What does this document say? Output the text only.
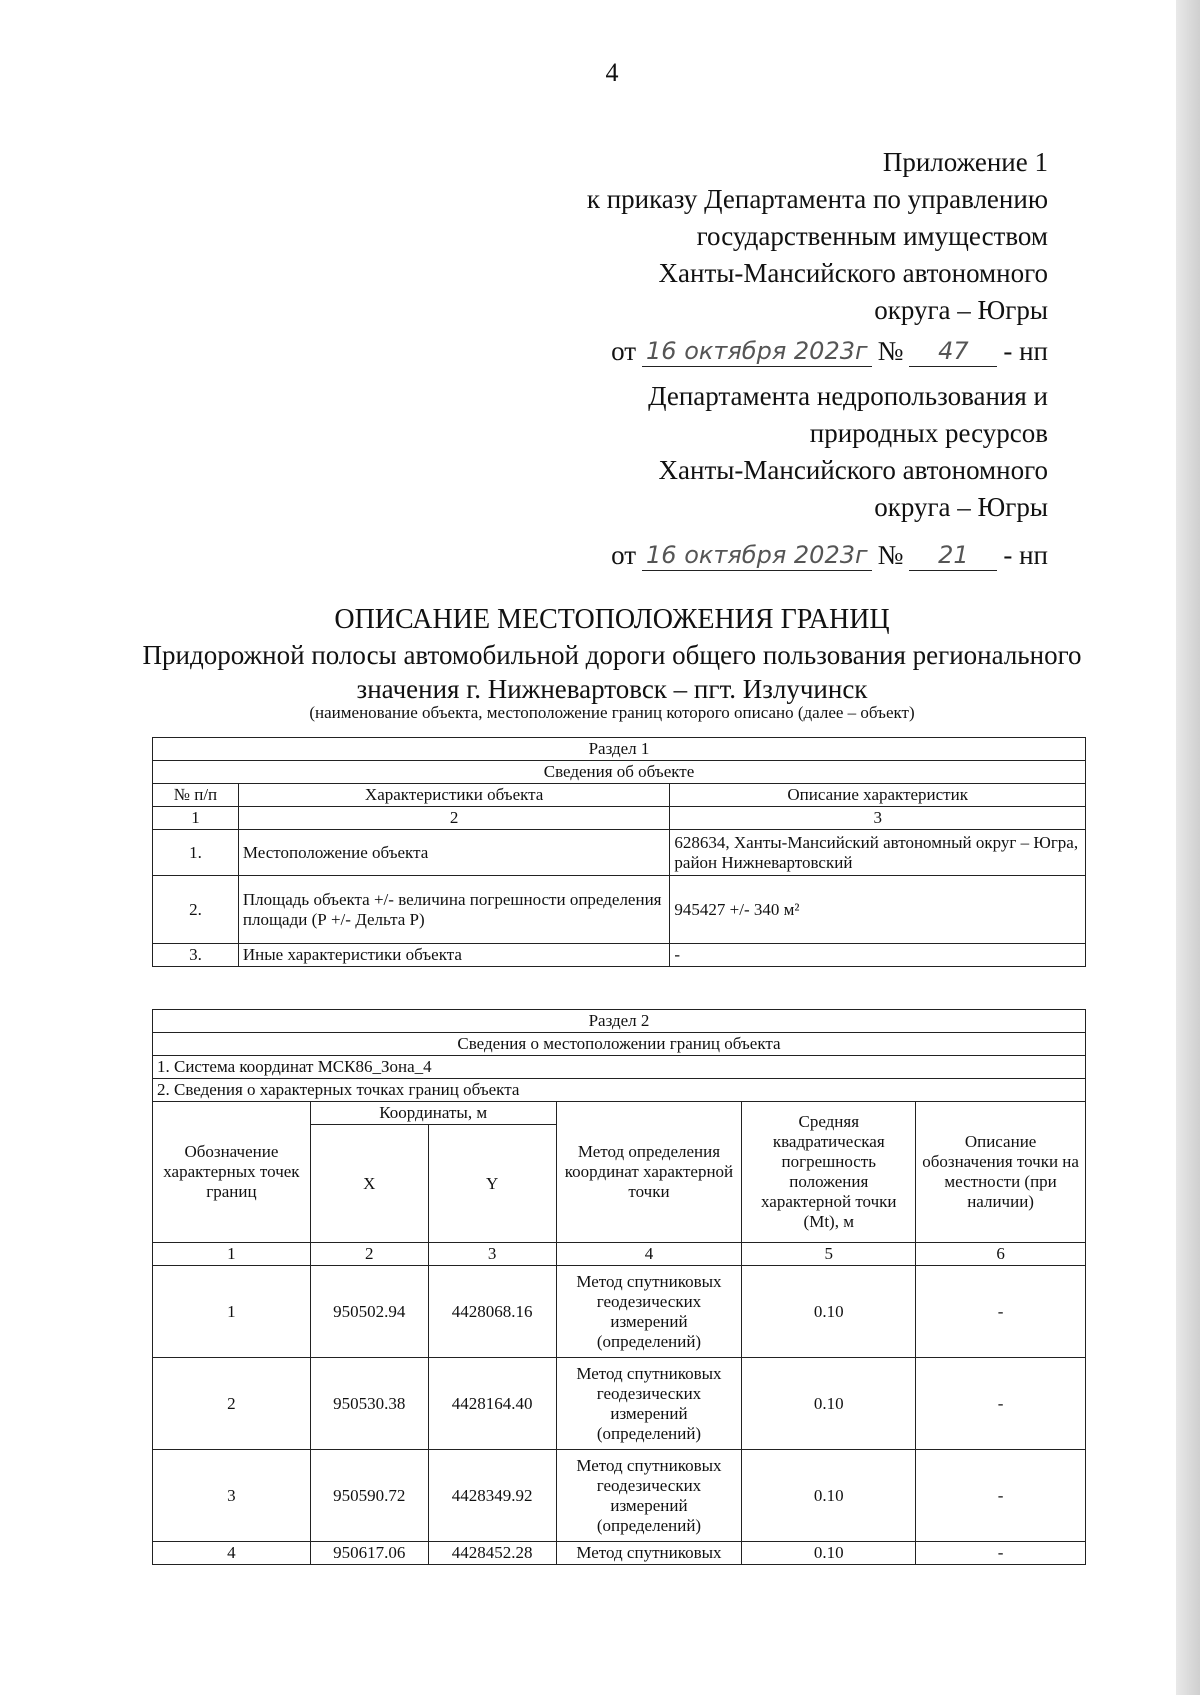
4
Приложение 1
к приказу Департамента по управлению
государственным имуществом
Ханты-Мансийского автономного
округа – Югры
от 16 октября 2023г №	47	- нп
Департамента недропользования и
природных ресурсов
Ханты-Мансийского автономного
округа – Югры
от 16 октября 2023г №	21	- нп
ОПИСАНИЕ МЕСТОПОЛОЖЕНИЯ ГРАНИЦ
Придорожной полосы автомобильной дороги общего пользования регионального значения г. Нижневартовск – пгт. Излучинск
(наименование объекта, местоположение границ которого описано (далее – объект)
Раздел 1		
Сведения об объекте		
№ п/п	Характеристики объекта	Описание характеристик
1	2	3
1.	Местоположение объекта	628634, Ханты-Мансийский автономный округ – Югра, район Нижневартовский
2.	Площадь объекта +/- величина погрешности определения площади (Р +/- Дельта Р)	945427 +/- 340 м²
3.	Иные характеристики объекта	-
Раздел 2					
Сведения о местоположении границ объекта					
1. Система координат МСК86_Зона_4					
2. Сведения о характерных точках границ объекта					
Обозначение характерных точек границ	Координаты, м		Метод определения координат характерной точки	Средняя квадратическая погрешность положения характерной точки (Mt), м	Описание обозначения точки на местности (при наличии)
	X	Y			
1	2	3	4	5	6
1	950502.94	4428068.16	Метод спутниковых геодезических измерений (определений)	0.10	-
2	950530.38	4428164.40	Метод спутниковых геодезических измерений (определений)	0.10	-
3	950590.72	4428349.92	Метод спутниковых геодезических измерений (определений)	0.10	-
4	950617.06	4428452.28	Метод спутниковых	0.10	-
